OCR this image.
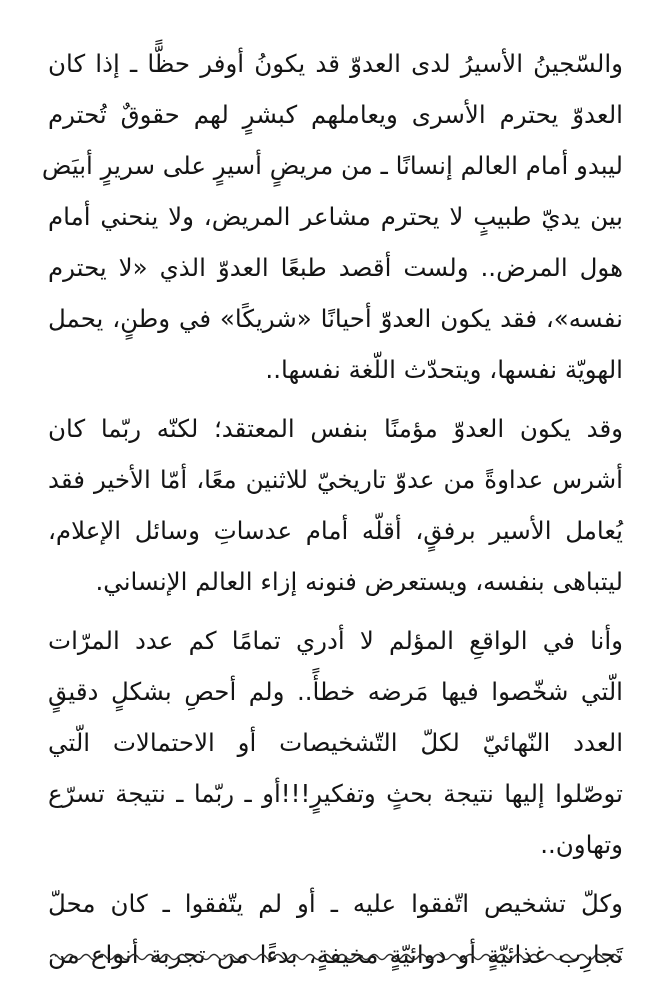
والسّجينُ الأسيرُ لدى العدوّ قد يكونُ أوفر حظًّا ـ إذا كان
العدوّ يحترم الأسرى ويعاملهم كبشرٍ لهم حقوقٌ تُحترم
ليبدو أمام العالم إنسانًا ـ من مريضٍ أسيرٍ على سريرٍ أبيَض
بين يديّ طبيبٍ لا يحترم مشاعر المريض، ولا ينحني أمام
هول المرض.. ولست أقصد طبعًا العدوّ الذي «لا يحترم
نفسه»، فقد يكون العدوّ أحيانًا «شريكًا» في وطنٍ، يحمل
الهويّة نفسها، ويتحدّث اللّغة نفسها..

وقد يكون العدوّ مؤمنًا بنفس المعتقد؛ لكنّه ربّما كان
أشرس عداوةً من عدوّ تاريخيّ للاثنين معًا، أمّا الأخير فقد
يُعامل الأسير برفقٍ، أقلّه أمام عدساتِ وسائل الإعلام،
ليتباهى بنفسه، ويستعرض فنونه إزاء العالم الإنساني.

وأنا في الواقعِ المؤلم لا أدري تمامًا كم عدد المرّات
الّتي شخّصوا فيها مَرضه خطأً.. ولم أحصِ بشكلٍ دقيقٍ
العدد النّهائيّ لكلّ التّشخيصات أو الاحتمالات الّتي
توصّلوا إليها نتيجة بحثٍ وتفكيرٍ!!!أو ـ ربّما ـ نتيجة تسرّع
وتهاون..

وكلّ تشخيص اتّفقوا عليه ـ أو لم يتّفقوا ـ كان محلّ
تَجارِب غذائيّةٍ أو دوائيّةٍ مخيفةٍ، بدءًا من تجربة أنواع من
